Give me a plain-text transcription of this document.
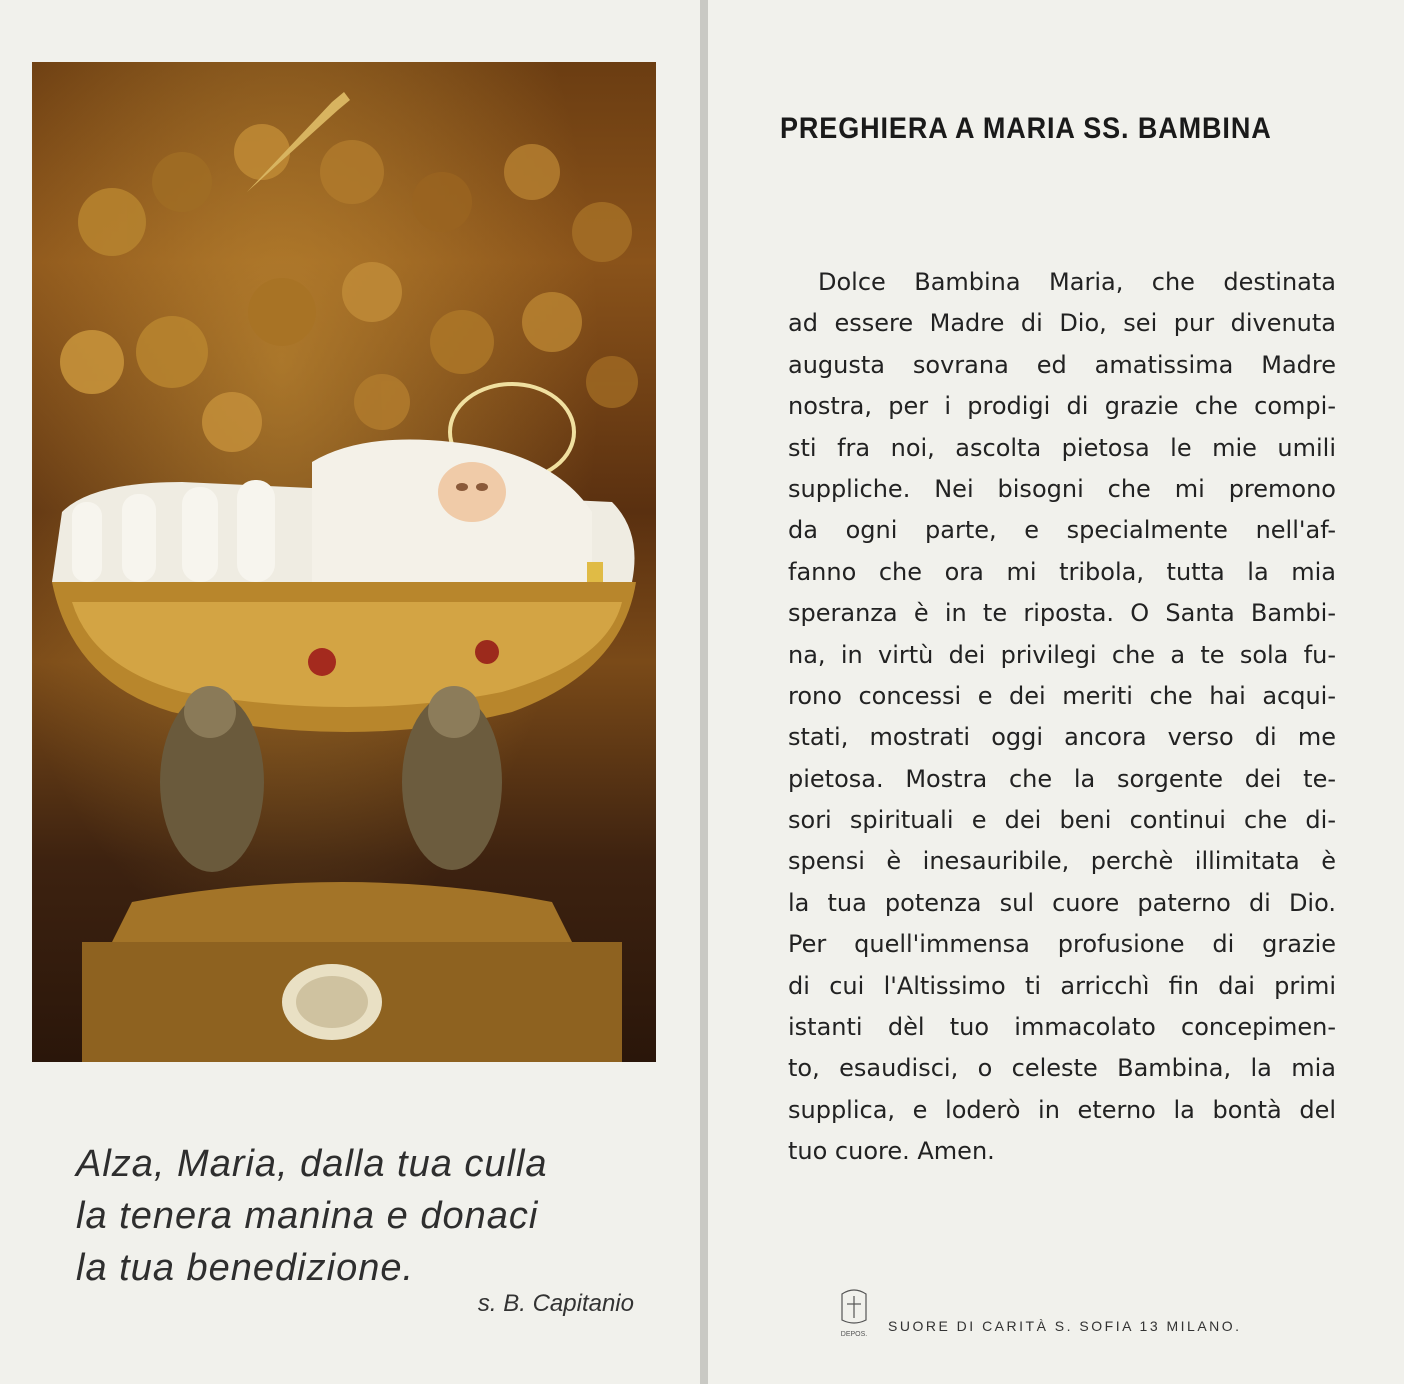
Alza, Maria, dalla tua culla
la tenera manina e donaci
la tua benedizione.
s. B. Capitanio
PREGHIERA A MARIA SS. BAMBINA
Dolce Bambina Maria, che destinata
ad essere Madre di Dio, sei pur divenuta
augusta sovrana ed amatissima Madre
nostra, per i prodigi di grazie che compi-
sti fra noi, ascolta pietosa le mie umili
suppliche. Nei bisogni che mi premono
da ogni parte, e specialmente nell'af-
fanno che ora mi tribola, tutta la mia
speranza è in te riposta. O Santa Bambi-
na, in virtù dei privilegi che a te sola fu-
rono concessi e dei meriti che hai acqui-
stati, mostrati oggi ancora verso di me
pietosa. Mostra che la sorgente dei te-
sori spirituali e dei beni continui che di-
spensi è inesauribile, perchè illimitata è
la tua potenza sul cuore paterno di Dio.
Per quell'immensa profusione di grazie
di cui l'Altissimo ti arricchì fin dai primi
istanti dèl tuo immacolato concepimen-
to, esaudisci, o celeste Bambina, la mia
supplica, e loderò in eterno la bontà del
tuo cuore. Amen.
DEPOS.
SUORE DI CARITÀ S. SOFIA 13 MILANO.
